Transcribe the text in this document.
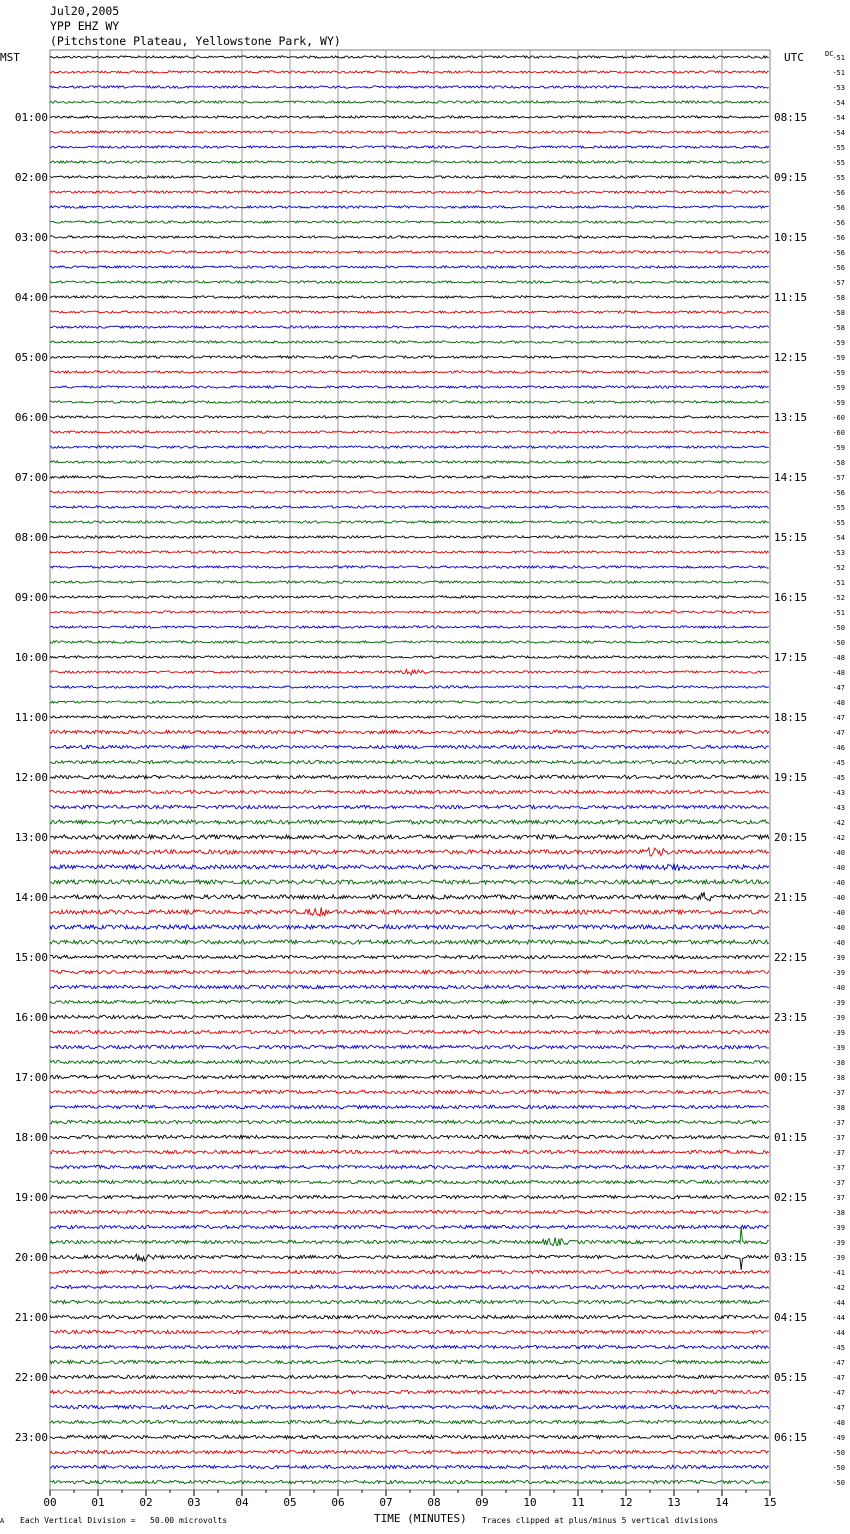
Jul20,2005
YPP EHZ WY
(Pitchstone Plateau, Yellowstone Park, WY)
MST	UTC	DC
01:00
02:00
03:00
04:00
05:00
06:00
07:00
08:00
09:00
10:00
11:00
12:00
13:00
14:00
15:00
16:00
17:00
18:00
19:00
20:00
21:00
22:00
23:00
08:15
09:15
10:15
11:15
12:15
13:15
14:15
15:15
16:15
17:15
18:15
19:15
20:15
21:15
22:15
23:15
00:15
01:15
02:15
03:15
04:15
05:15
06:15
-51
-51
-53
-54
-54
-54
-55
-55
-55
-56
-56
-56
-56
-56
-56
-57
-58
-58
-58
-59
-59
-59
-59
-59
-60
-60
-59
-58
-57
-56
-55
-55
-54
-53
-52
-51
-52
-51
-50
-50
-48
-48
-47
-48
-47
-47
-46
-45
-45
-43
-43
-42
-42
-40
-40
-40
-40
-40
-40
-40
-39
-39
-40
-39
-39
-39
-39
-38
-38
-37
-38
-37
-37
-37
-37
-37
-37
-38
-39
-39
-39
-41
-42
-44
-44
-44
-45
-47
-47
-47
-47
-48
-49
-50
-50
-50
00	01	02	03	04	05	06	07	08	09	10	11	12	13	14	15
A Each Vertical Division =   50.00 microvolts	TIME (MINUTES) Traces clipped at plus/minus 5 vertical divisions
